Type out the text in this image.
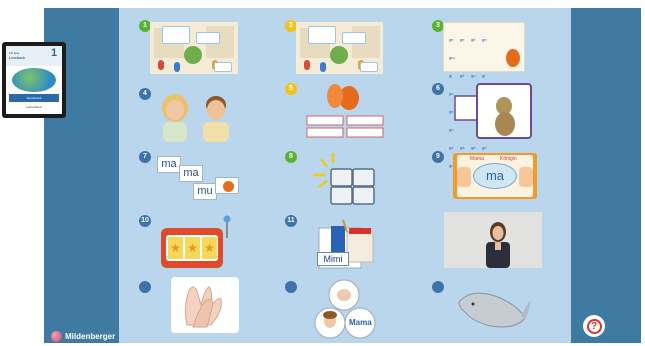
Ich lese
Lesebuch 1
Sprachwelt
Lehrerband
1	2	3
ge ge ge gegru
gi ge gu gigo
gegu
ge ga ge gegu
4
5	6
7
ma
ma
mu
8	9	Mama	Königin
ma
10
★ ★ ★
11
Mimi
Mama
Mildenberger
?
